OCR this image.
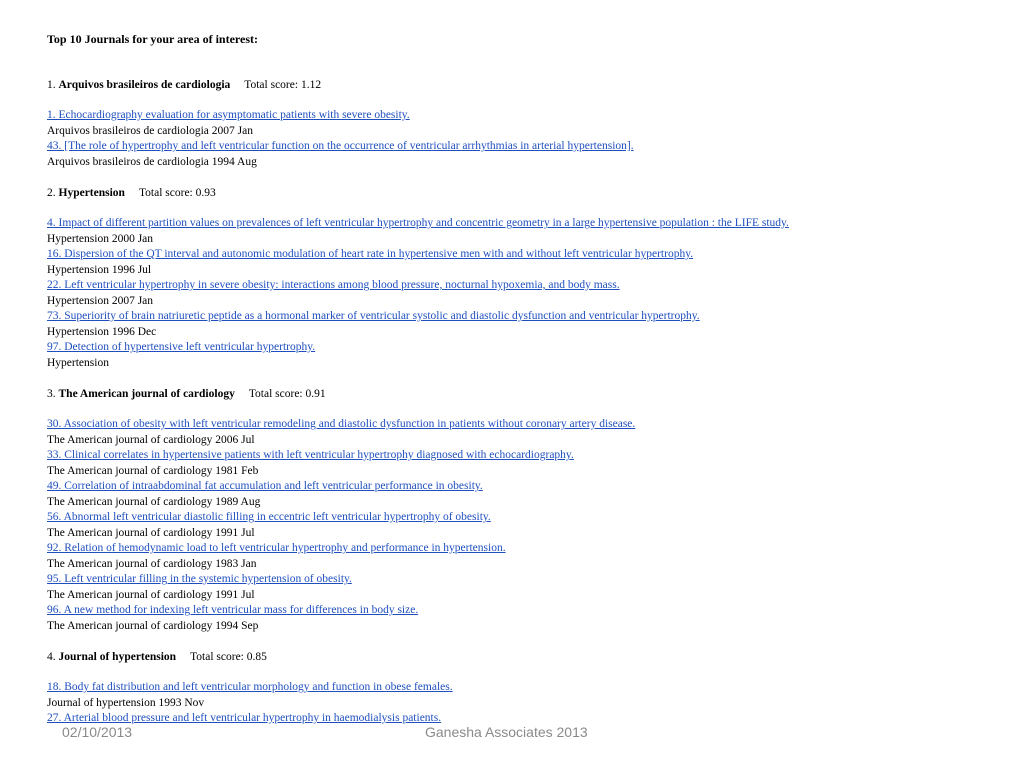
Top 10 Journals for your area of interest:
1. Arquivos brasileiros de cardiologia Total score: 1.12
1. Echocardiography evaluation for asymptomatic patients with severe obesity.
Arquivos brasileiros de cardiologia 2007 Jan
43. [The role of hypertrophy and left ventricular function on the occurrence of ventricular arrhythmias in arterial hypertension].
Arquivos brasileiros de cardiologia 1994 Aug
2. Hypertension Total score: 0.93
4. Impact of different partition values on prevalences of left ventricular hypertrophy and concentric geometry in a large hypertensive population : the LIFE study.
Hypertension 2000 Jan
16. Dispersion of the QT interval and autonomic modulation of heart rate in hypertensive men with and without left ventricular hypertrophy.
Hypertension 1996 Jul
22. Left ventricular hypertrophy in severe obesity: interactions among blood pressure, nocturnal hypoxemia, and body mass.
Hypertension 2007 Jan
73. Superiority of brain natriuretic peptide as a hormonal marker of ventricular systolic and diastolic dysfunction and ventricular hypertrophy.
Hypertension 1996 Dec
97. Detection of hypertensive left ventricular hypertrophy.
Hypertension
3. The American journal of cardiology Total score: 0.91
30. Association of obesity with left ventricular remodeling and diastolic dysfunction in patients without coronary artery disease.
The American journal of cardiology 2006 Jul
33. Clinical correlates in hypertensive patients with left ventricular hypertrophy diagnosed with echocardiography.
The American journal of cardiology 1981 Feb
49. Correlation of intraabdominal fat accumulation and left ventricular performance in obesity.
The American journal of cardiology 1989 Aug
56. Abnormal left ventricular diastolic filling in eccentric left ventricular hypertrophy of obesity.
The American journal of cardiology 1991 Jul
92. Relation of hemodynamic load to left ventricular hypertrophy and performance in hypertension.
The American journal of cardiology 1983 Jan
95. Left ventricular filling in the systemic hypertension of obesity.
The American journal of cardiology 1991 Jul
96. A new method for indexing left ventricular mass for differences in body size.
The American journal of cardiology 1994 Sep
4. Journal of hypertension Total score: 0.85
18. Body fat distribution and left ventricular morphology and function in obese females.
Journal of hypertension 1993 Nov
27. Arterial blood pressure and left ventricular hypertrophy in haemodialysis patients.
02/10/2013	Ganesha Associates 2013
